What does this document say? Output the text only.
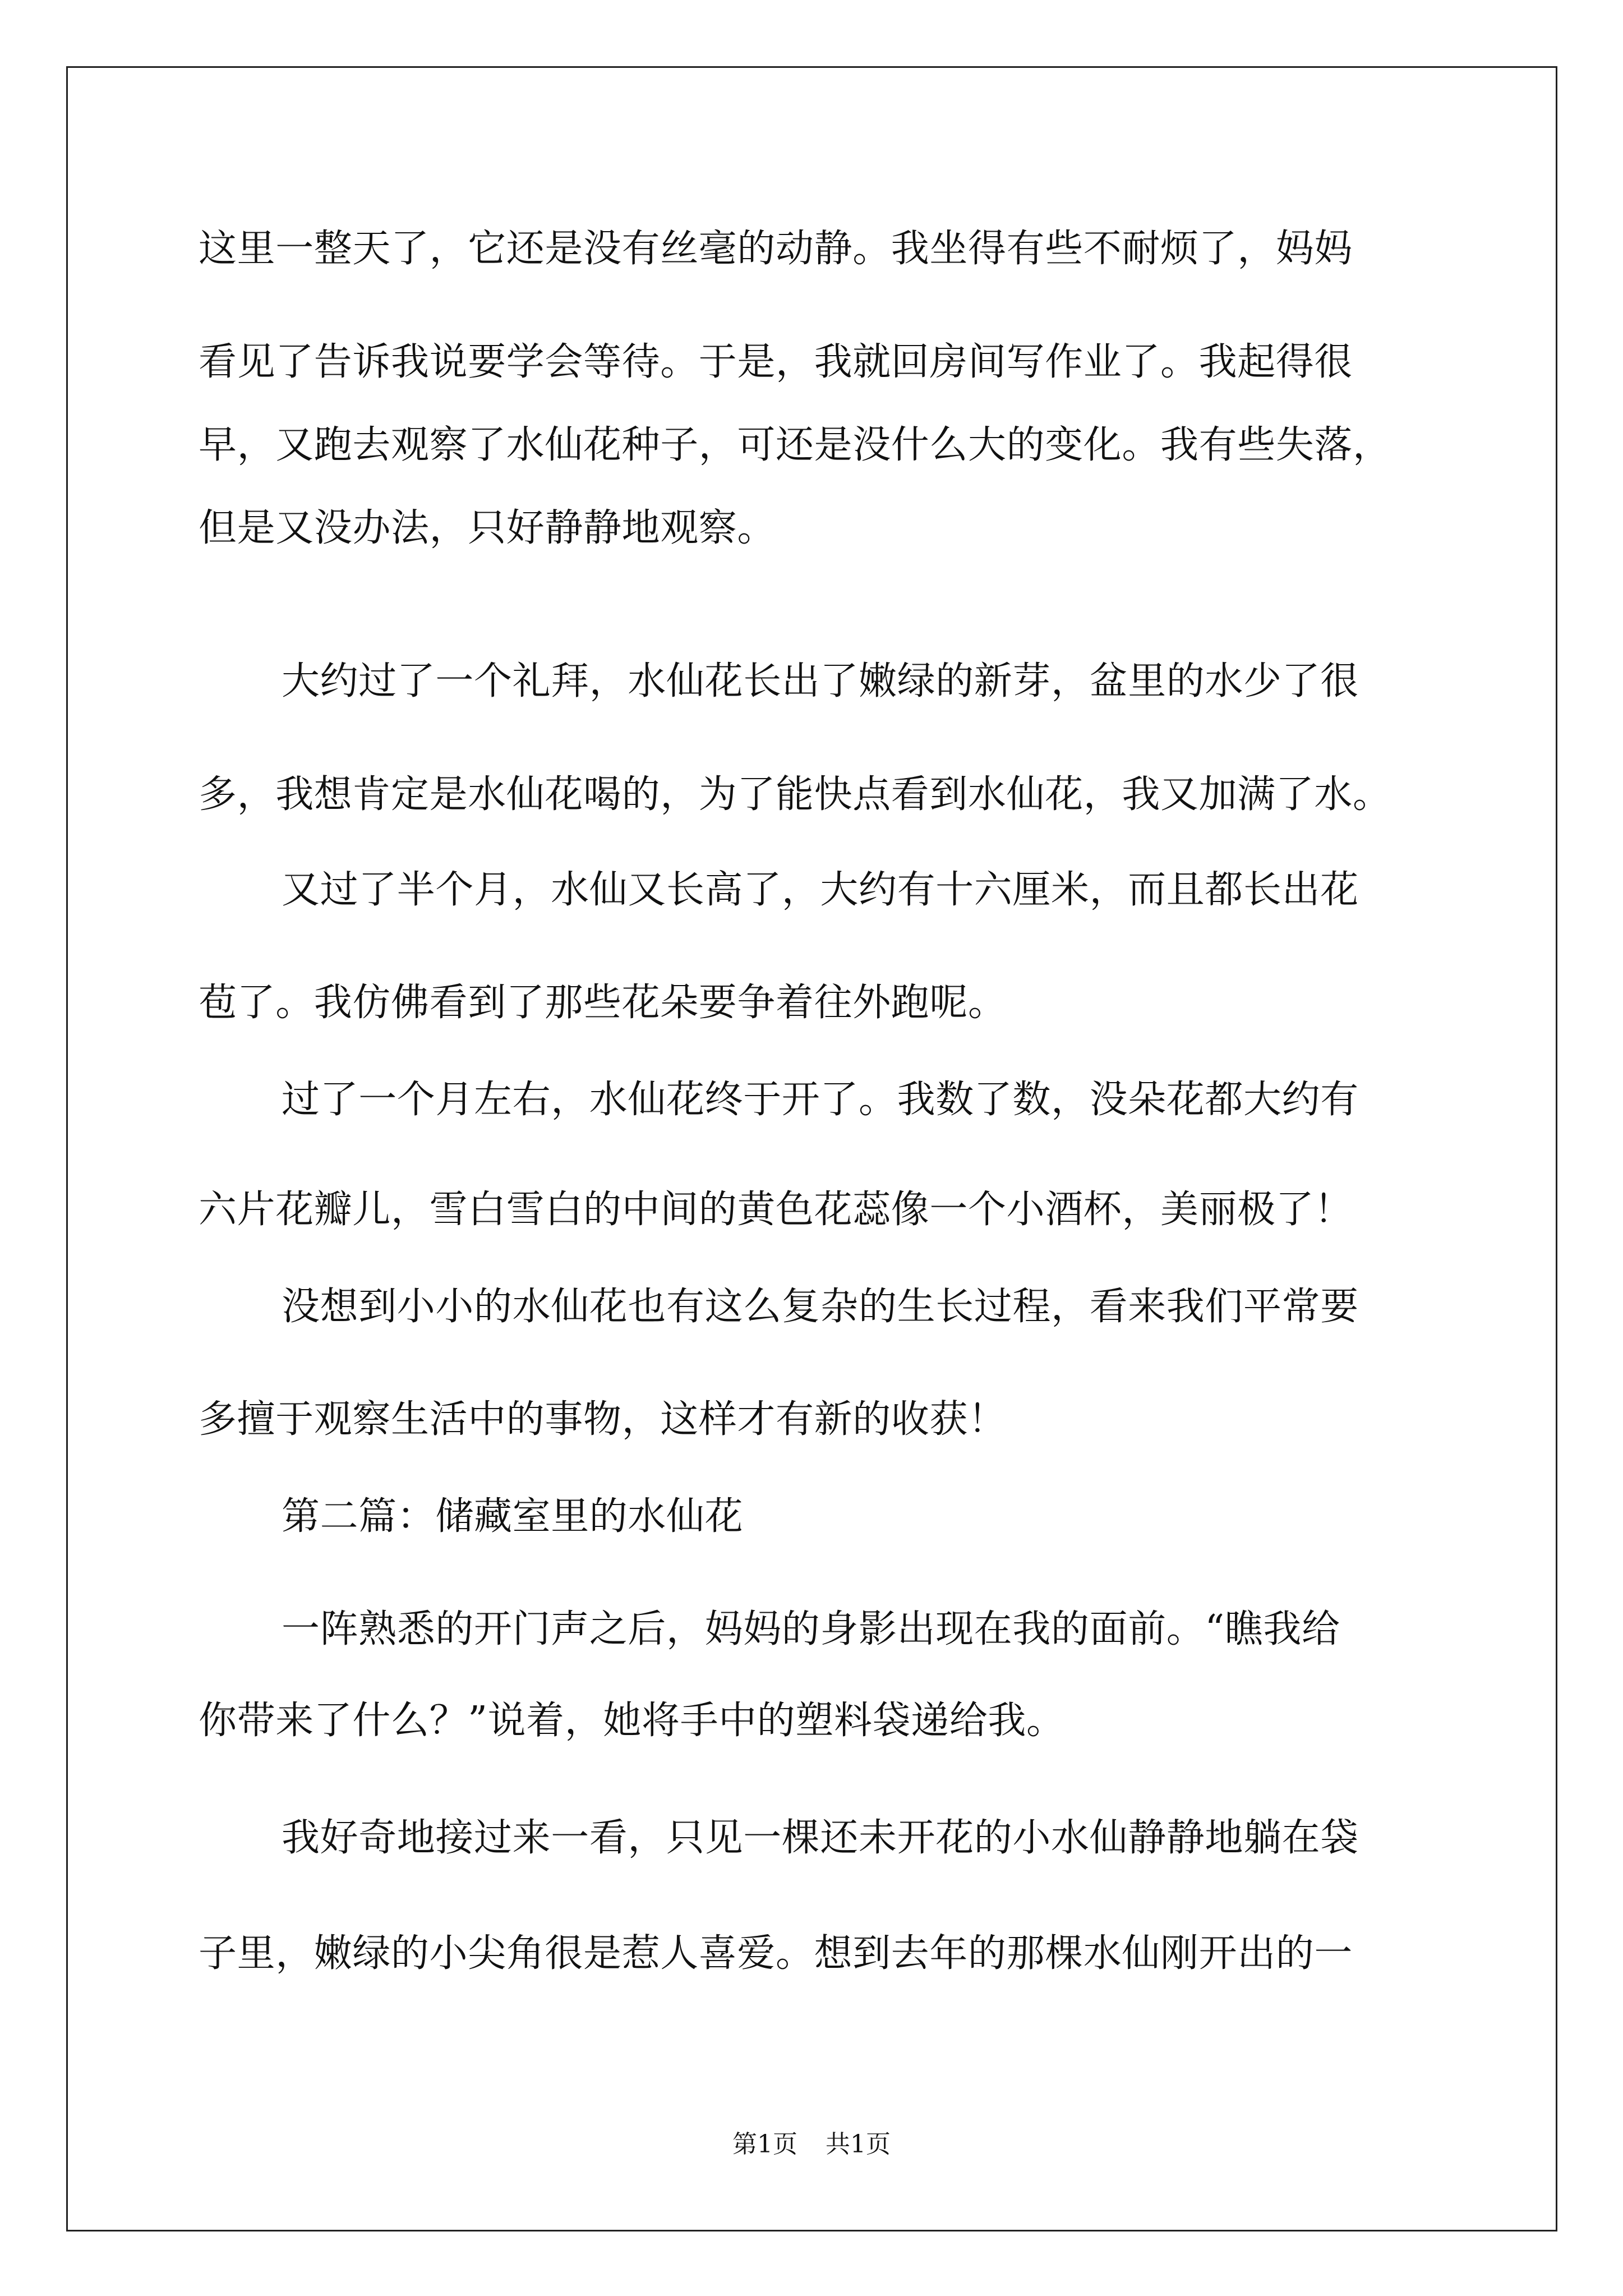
这里一整天了，它还是没有丝毫的动静。我坐得有些不耐烦了，妈妈
看见了告诉我说要学会等待。于是，我就回房间写作业了。我起得很
早，又跑去观察了水仙花种子，可还是没什么大的变化。我有些失落，
但是又没办法，只好静静地观察。
大约过了一个礼拜，水仙花长出了嫩绿的新芽，盆里的水少了很
多，我想肯定是水仙花喝的，为了能快点看到水仙花，我又加满了水。
又过了半个月，水仙又长高了，大约有十六厘米，而且都长出花
苞了。我仿佛看到了那些花朵要争着往外跑呢。
过了一个月左右，水仙花终于开了。我数了数，没朵花都大约有
六片花瓣儿，雪白雪白的中间的黄色花蕊像一个小酒杯，美丽极了！
没想到小小的水仙花也有这么复杂的生长过程，看来我们平常要
多擅于观察生活中的事物，这样才有新的收获！
第二篇：储藏室里的水仙花
一阵熟悉的开门声之后，妈妈的身影出现在我的面前。“瞧我给
你带来了什么？”说着，她将手中的塑料袋递给我。
我好奇地接过来一看，只见一棵还未开花的小水仙静静地躺在袋
子里，嫩绿的小尖角很是惹人喜爱。想到去年的那棵水仙刚开出的一
第1页 共1页
